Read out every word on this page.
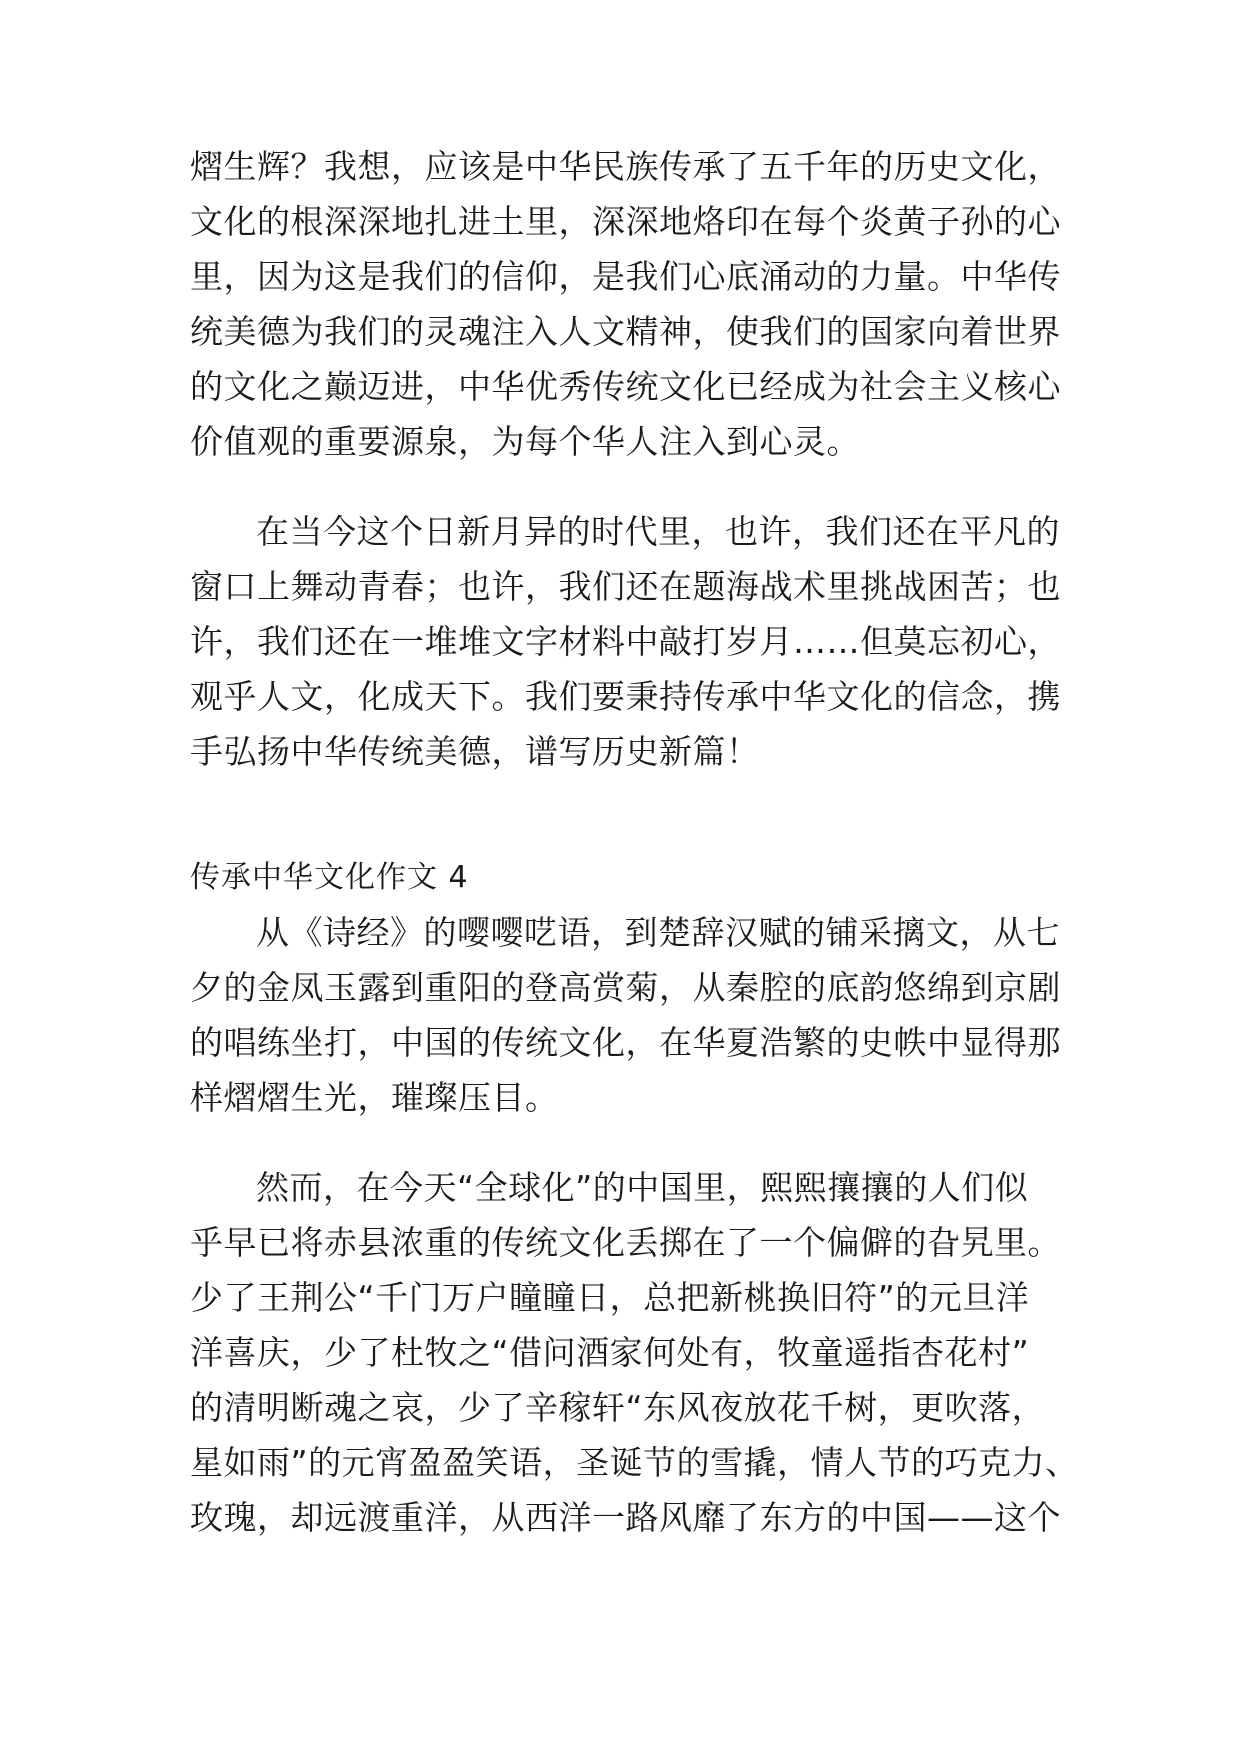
熠生辉？我想，应该是中华民族传承了五千年的历史文化，
文化的根深深地扎进土里，深深地烙印在每个炎黄子孙的心
里，因为这是我们的信仰，是我们心底涌动的力量。中华传
统美德为我们的灵魂注入人文精神，使我们的国家向着世界
的文化之巅迈进，中华优秀传统文化已经成为社会主义核心
价值观的重要源泉，为每个华人注入到心灵。
在当今这个日新月异的时代里，也许，我们还在平凡的
窗口上舞动青春；也许，我们还在题海战术里挑战困苦；也
许，我们还在一堆堆文字材料中敲打岁月……但莫忘初心，
观乎人文，化成天下。我们要秉持传承中华文化的信念，携
手弘扬中华传统美德，谱写历史新篇！
传承中华文化作文 4
从《诗经》的嘤嘤呓语，到楚辞汉赋的铺采摛文，从七
夕的金凤玉露到重阳的登高赏菊，从秦腔的底韵悠绵到京剧
的唱练坐打，中国的传统文化，在华夏浩繁的史帙中显得那
样熠熠生光，璀璨压目。
然而，在今天“全球化”的中国里，熙熙攘攘的人们似
乎早已将赤县浓重的传统文化丢掷在了一个偏僻的旮旯里。
少了王荆公“千门万户瞳瞳日，总把新桃换旧符”的元旦洋
洋喜庆，少了杜牧之“借问酒家何处有，牧童遥指杏花村”
的清明断魂之哀，少了辛稼轩“东风夜放花千树，更吹落，
星如雨”的元宵盈盈笑语，圣诞节的雪撬，情人节的巧克力、
玫瑰，却远渡重洋，从西洋一路风靡了东方的中国——这个
